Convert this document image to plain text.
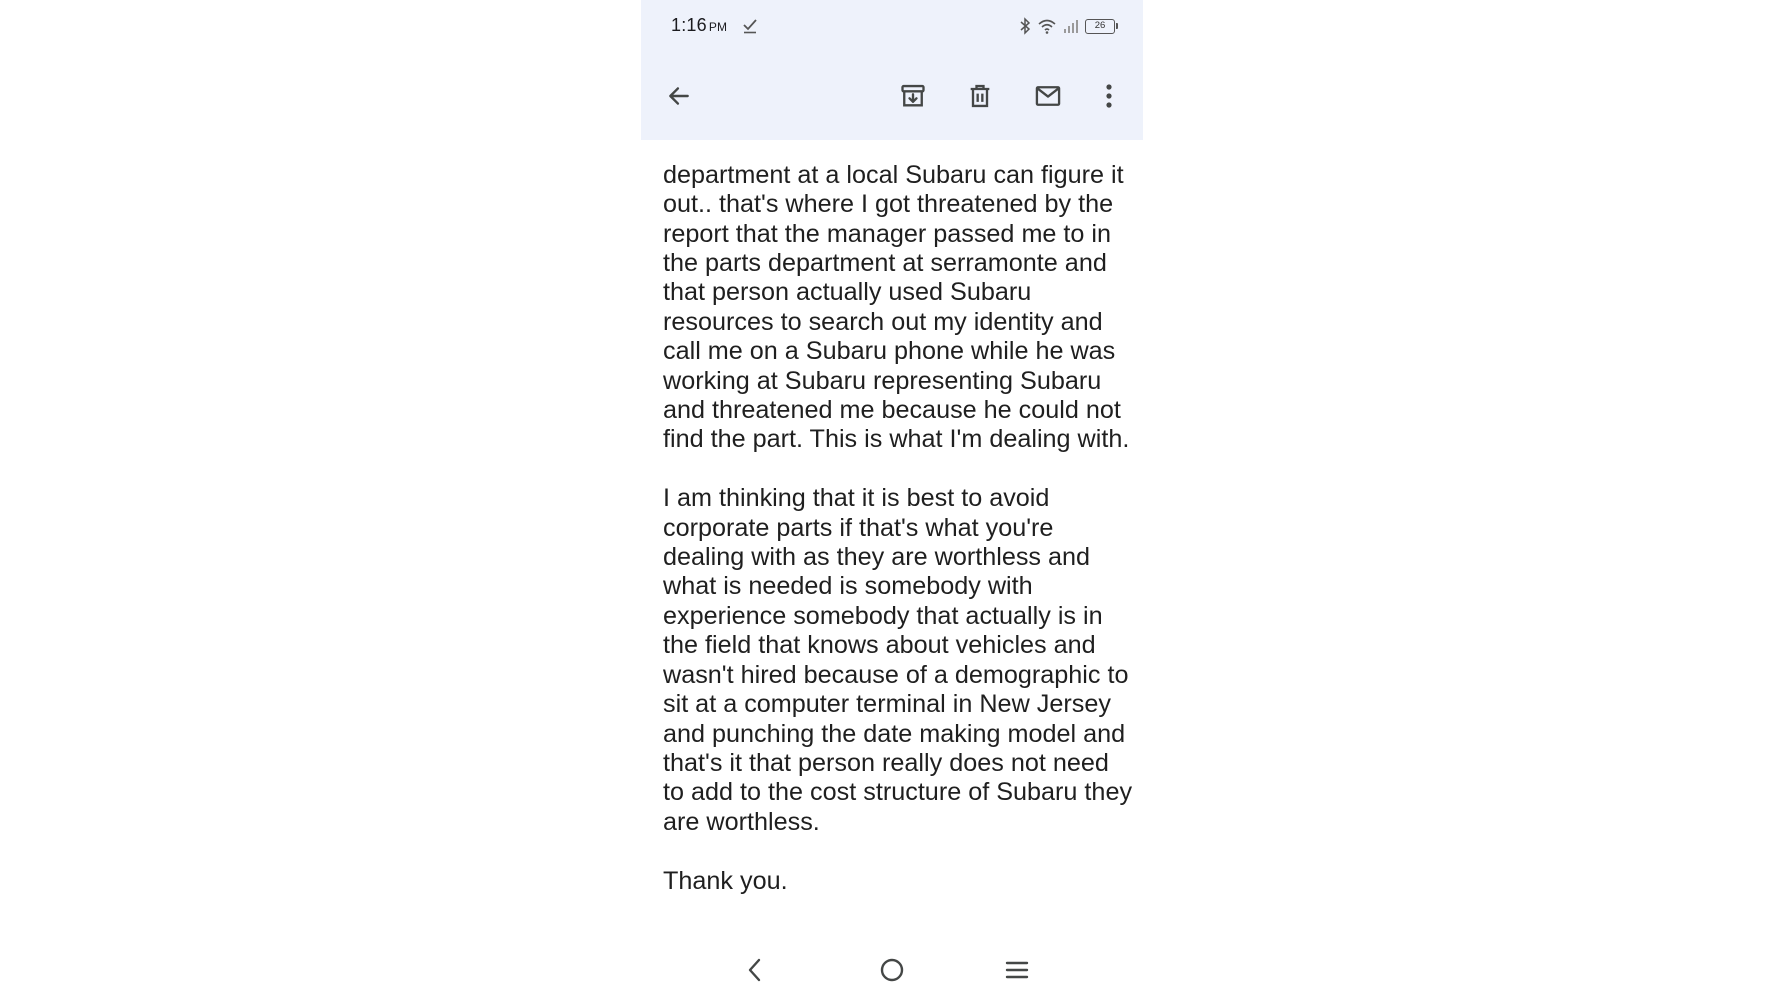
1:16 PM	26

department at a local Subaru can figure it out.. that's where I got threatened by the report that the manager passed me to in the parts department at serramonte and that person actually used Subaru resources to search out my identity and call me on a Subaru phone while he was working at Subaru representing Subaru and threatened me because he could not find the part. This is what I'm dealing with.

I am thinking that it is best to avoid corporate parts if that's what you're dealing with as they are worthless and what is needed is somebody with experience somebody that actually is in the field that knows about vehicles and wasn't hired because of a demographic to sit at a computer terminal in New Jersey and punching the date making model and that's it that person really does not need to add to the cost structure of Subaru they are worthless.

Thank you.
